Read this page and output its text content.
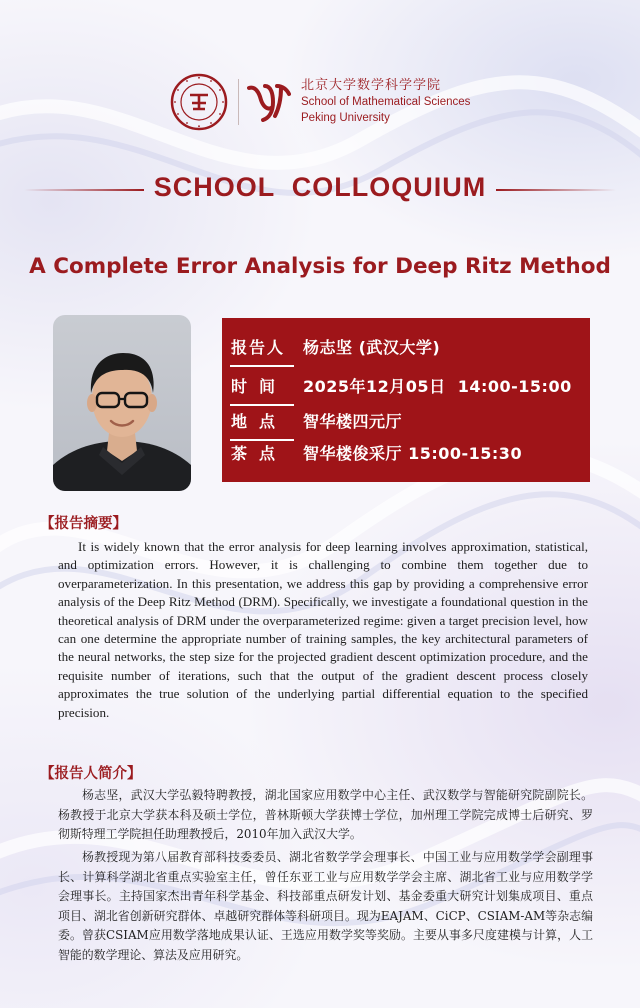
北京大学数学科学学院
School of Mathematical Sciences
Peking University
SCHOOL  COLLOQUIUM
A Complete Error Analysis for Deep Ritz Method
报告人	杨志坚 (武汉大学)
时间 2025年12月05日  14:00-15:00
地点 智华楼四元厅
茶点 智华楼俊采厅 15:00-15:30
【报告摘要】

It is widely known that the error analysis for deep learning involves approximation, statistical, and optimization errors. However, it is challenging to combine them together due to overparameterization. In this presentation, we address this gap by providing a comprehensive error analysis of the Deep Ritz Method (DRM). Specifically, we investigate a foundational question in the theoretical analysis of DRM under the overparameterized regime: given a target precision level, how can one determine the appropriate number of training samples, the key architectural parameters of the neural networks, the step size for the projected gradient descent optimization procedure, and the requisite number of iterations, such that the output of the gradient descent process closely approximates the true solution of the underlying partial differential equation to the specified precision.

【报告人简介】

杨志坚，武汉大学弘毅特聘教授，湖北国家应用数学中心主任、武汉数学与智能研究院副院长。杨教授于北京大学获本科及硕士学位，普林斯顿大学获博士学位，加州理工学院完成博士后研究、罗彻斯特理工学院担任助理教授后，2010年加入武汉大学。

杨教授现为第八届教育部科技委委员、湖北省数学学会理事长、中国工业与应用数学学会副理事长、计算科学湖北省重点实验室主任，曾任东亚工业与应用数学学会主席、湖北省工业与应用数学学会理事长。主持国家杰出青年科学基金、科技部重点研发计划、基金委重大研究计划集成项目、重点项目、湖北省创新研究群体、卓越研究群体等科研项目。现为EAJAM、CiCP、CSIAM-AM等杂志编委。曾获CSIAM应用数学落地成果认证、王选应用数学奖等奖励。主要从事多尺度建模与计算，人工智能的数学理论、算法及应用研究。
